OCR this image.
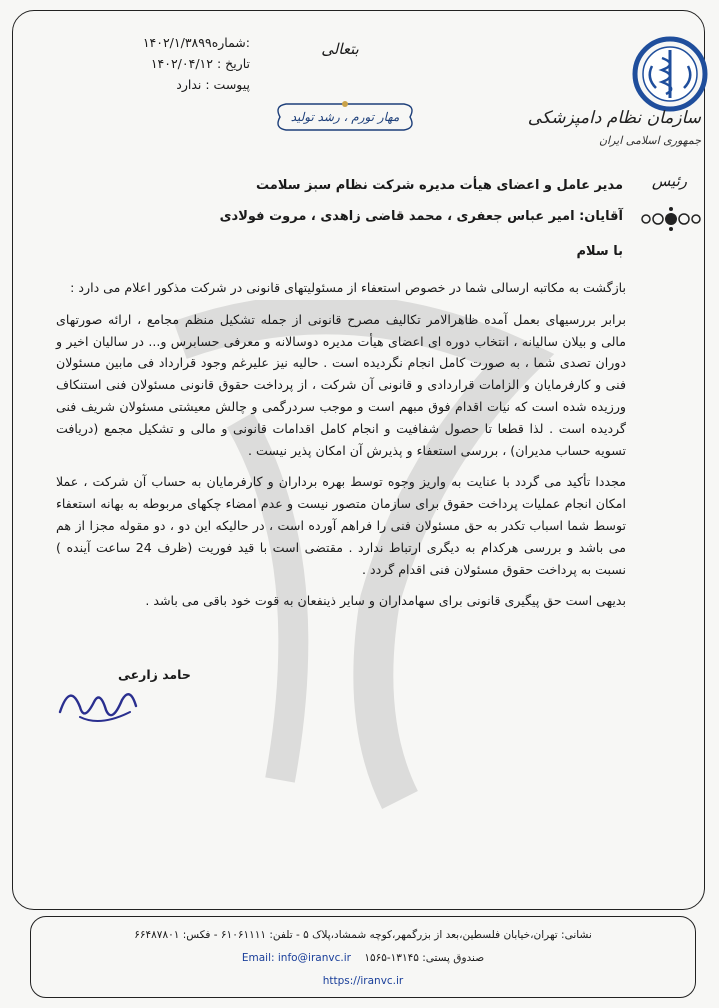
بتعالی
مهار تورم ، رشد تولید
:شماره۱۴۰۲/۱/۳۸۹۹
تاریخ : ۱۴۰۲/۰۴/۱۲
پیوست : ندارد
سازمان نظام دامپزشکی
جمهوری اسلامی ایران
رئیس
مدیر عامل و اعضای هیأت مدیره شرکت نظام سبز سلامت
آقایان: امیر عباس جعفری ، محمد قاضی زاهدی ، مروت فولادی
با سلام

بازگشت به مکاتبه ارسالی شما در خصوص استعفاء از مسئولیتهای قانونی در شرکت مذکور اعلام می دارد :

برابر بررسیهای بعمل آمده ظاهرالامر تکالیف مصرح قانونی از جمله تشکیل منظم مجامع ، ارائه صورتهای مالی و بیلان سالیانه ، انتخاب دوره ای اعضای هیأت مدیره دوسالانه و معرفی حسابرس و... در سالیان اخیر و دوران تصدی شما ، به صورت کامل انجام نگردیده است . حالیه نیز علیرغم وجود قرارداد فی مابین مسئولان فنی و کارفرمایان و الزامات قراردادی و قانونی آن شرکت ، از پرداخت حقوق قانونی مسئولان فنی استنکاف ورزیده شده است که نیات اقدام فوق مبهم است و موجب سردرگمی و چالش معیشتی مسئولان شریف فنی گردیده است . لذا قطعا تا حصول شفافیت و انجام کامل اقدامات قانونی و مالی و تشکیل مجمع (دریافت تسویه حساب مدیران) ، بررسی استعفاء و پذیرش آن امکان پذیر نیست .

مجددا تأکید می گردد با عنایت به واریز وجوه توسط بهره برداران و کارفرمایان به حساب آن شرکت ، عملا امکان انجام عملیات پرداخت حقوق برای سازمان متصور نیست و عدم امضاء چکهای مربوطه به بهانه استعفاء توسط شما اسباب تکدر به حق مسئولان فنی را فراهم آورده است ، در حالیکه این دو ، دو مقوله مجزا از هم می باشد و بررسی هرکدام به دیگری ارتباط ندارد . مقتضی است با قید فوریت (ظرف 24 ساعت آینده ) نسبت به پرداخت حقوق مسئولان فنی اقدام گردد .

بدیهی است حق پیگیری قانونی برای سهامداران و سایر ذینفعان به قوت خود باقی می باشد .

حامد زارعی
نشانی: تهران،خیابان فلسطین،بعد از بزرگمهر،کوچه شمشاد،پلاک ۵ - تلفن: ۶۱۰۶۱۱۱۱ - فکس: ۶۶۴۸۷۸۰۱
صندوق پستی: ۱۳۱۴۵-۱۵۶۵    Email: info@iranvc.ir
https://iranvc.ir
